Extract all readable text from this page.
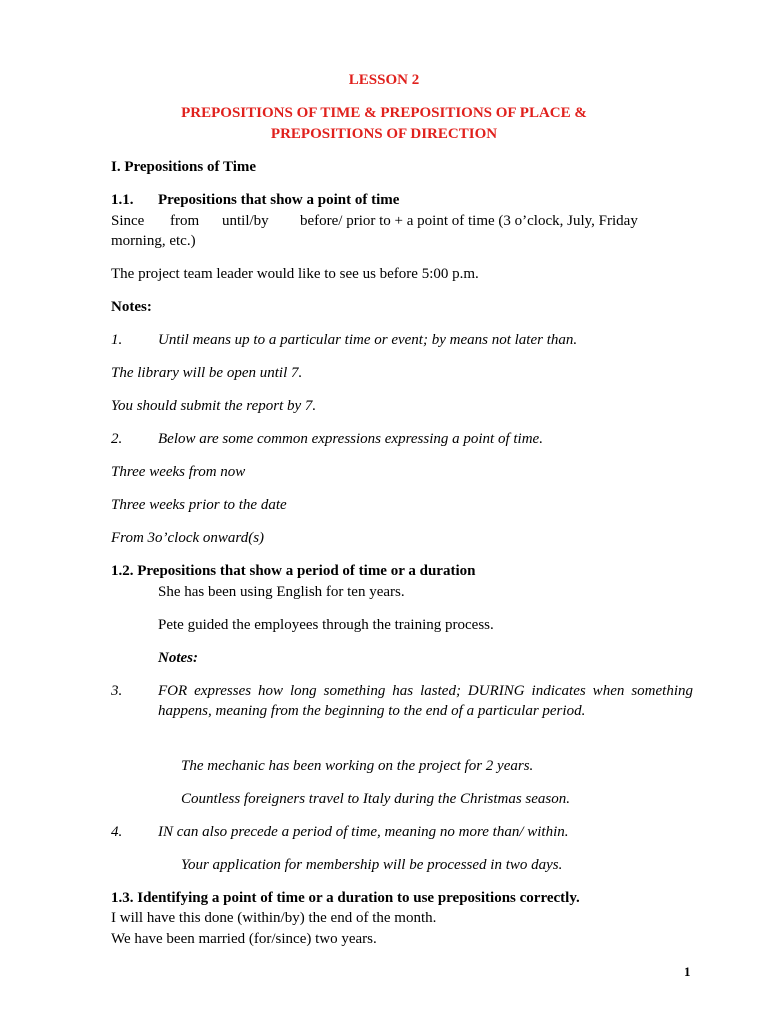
LESSON 2

PREPOSITIONS OF TIME & PREPOSITIONS OF PLACE &

PREPOSITIONS OF DIRECTION

I. Prepositions of Time

1.1. Prepositions that show a point of time
Since from until/by before/ prior to + a point of time (3 o’clock, July, Friday
morning, etc.)

The project team leader would like to see us before 5:00 p.m.

Notes:

1. Until means up to a particular time or event; by means not later than.

The library will be open until 7.

You should submit the report by 7.

2. Below are some common expressions expressing a point of time.

Three weeks from now

Three weeks prior to the date

From 3o’clock onward(s)

1.2. Prepositions that show a period of time or a duration

She has been using English for ten years.

Pete guided the employees through the training process.

Notes:

3. FOR expresses how long something has lasted; DURING indicates when something happens, meaning from the beginning to the end of a particular period.

The mechanic has been working on the project for 2 years.

Countless foreigners travel to Italy during the Christmas season.

4. IN can also precede a period of time, meaning no more than/ within.

Your application for membership will be processed in two days.

1.3. Identifying a point of time or a duration to use prepositions correctly.

I will have this done (within/by) the end of the month.

We have been married (for/since) two years.

1
